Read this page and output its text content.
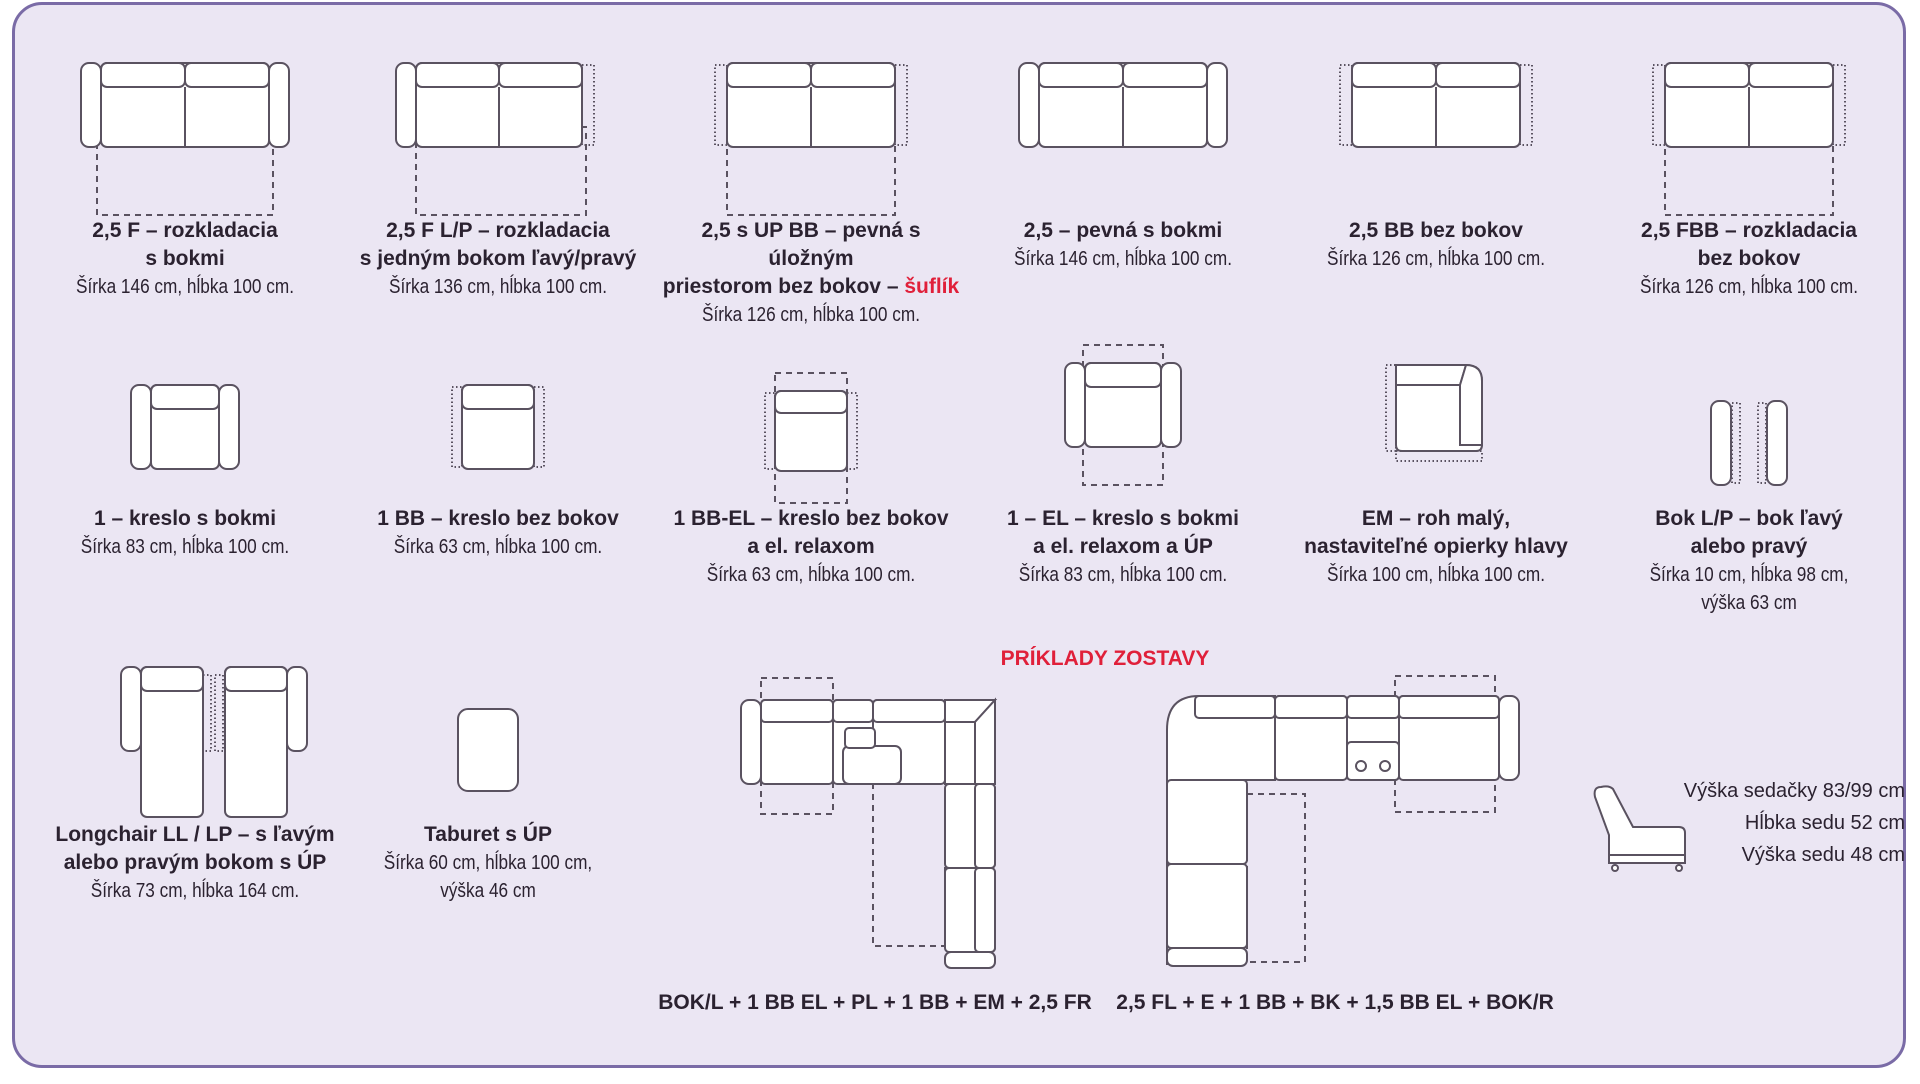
2,5 F – rozkladacia
s bokmi
Šírka 146 cm, hĺbka 100 cm.
2,5 F L/P – rozkladacia
s jedným bokom ľavý/pravý
Šírka 136 cm, hĺbka 100 cm.
2,5 s UP BB – pevná s úložným
priestorom bez bokov – šuflík
Šírka 126 cm, hĺbka 100 cm.
2,5 – pevná s bokmi
Šírka 146 cm, hĺbka 100 cm.
2,5 BB bez bokov
Šírka 126 cm, hĺbka 100 cm.
2,5 FBB – rozkladacia
bez bokov
Šírka 126 cm, hĺbka 100 cm.
1 – kreslo s bokmi
Šírka 83 cm, hĺbka 100 cm.
1 BB – kreslo bez bokov
Šírka 63 cm, hĺbka 100 cm.
1 BB-EL – kreslo bez bokov
a el. relaxom
Šírka 63 cm, hĺbka 100 cm.
1 – EL – kreslo s bokmi
a el. relaxom a ÚP
Šírka 83 cm, hĺbka 100 cm.
EM – roh malý,
nastaviteľné opierky hlavy
Šírka 100 cm, hĺbka 100 cm.
Bok L/P – bok ľavý
alebo pravý
Šírka 10 cm, hĺbka 98 cm,
výška 63 cm
Longchair LL / LP – s ľavým
alebo pravým bokom s ÚP
Šírka 73 cm, hĺbka 164 cm.
Taburet s ÚP
Šírka 60 cm, hĺbka 100 cm,
výška 46 cm
PRÍKLADY ZOSTAVY
BOK/L + 1 BB EL + PL + 1 BB + EM + 2,5 FR	2,5 FL + E + 1 BB + BK + 1,5 BB EL + BOK/R
Výška sedačky 83/99 cm
Hĺbka sedu 52 cm
Výška sedu 48 cm
